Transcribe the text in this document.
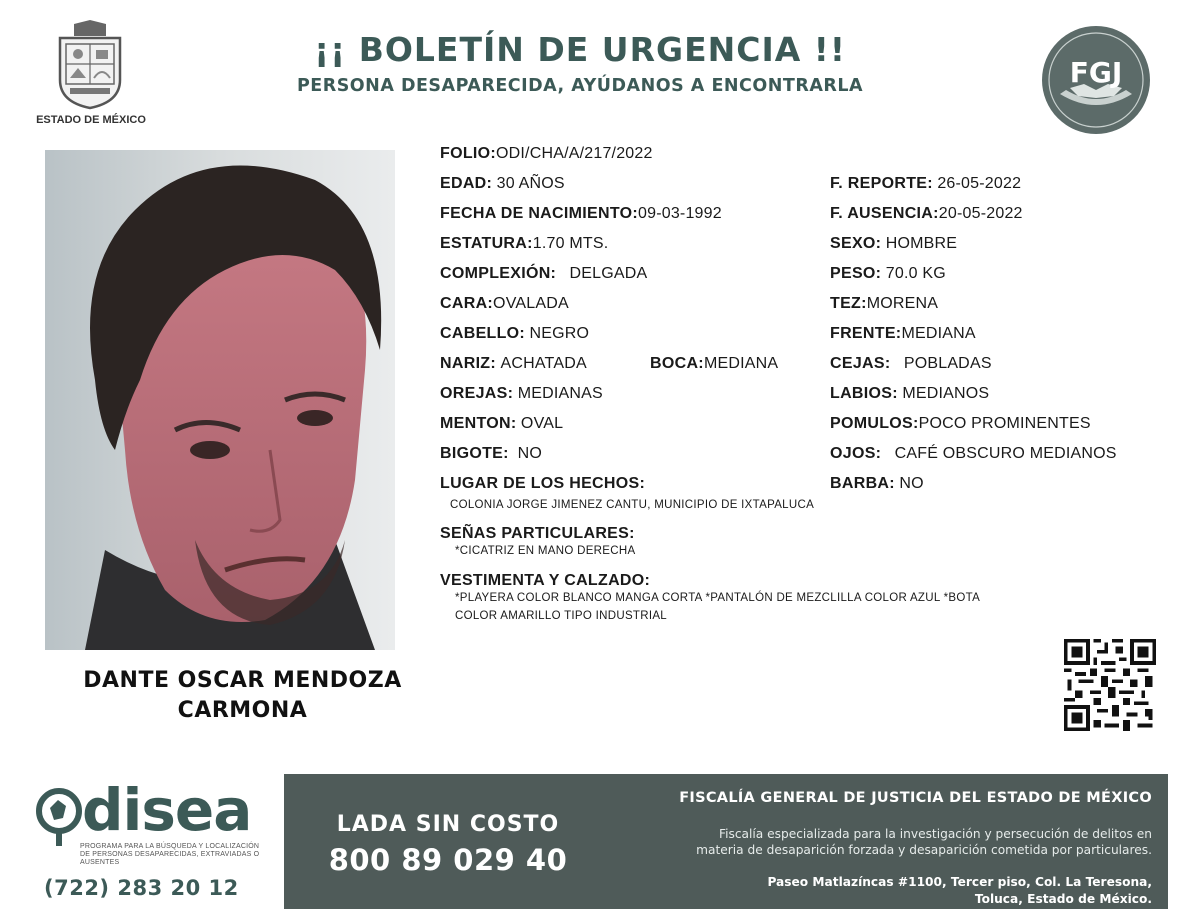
ESTADO DE MÉXICO
¡¡ BOLETÍN DE URGENCIA !!
PERSONA DESAPARECIDA, AYÚDANOS A ENCONTRARLA	FGJ
DANTE OSCAR MENDOZA
CARMONA
FOLIO:ODI/CHA/A/217/2022
EDAD: 30 AÑOS
FECHA DE NACIMIENTO:09-03-1992
ESTATURA:1.70 MTS.
COMPLEXIÓN: DELGADA
CARA:OVALADA
CABELLO: NEGRO
NARIZ: ACHATADA	BOCA:MEDIANA
OREJAS: MEDIANAS
MENTON: OVAL
BIGOTE: NO
LUGAR DE LOS HECHOS:
COLONIA JORGE JIMENEZ CANTU, MUNICIPIO DE IXTAPALUCA
SEÑAS PARTICULARES:
*CICATRIZ EN MANO DERECHA
VESTIMENTA Y CALZADO:
*PLAYERA COLOR BLANCO MANGA CORTA *PANTALÓN DE MEZCLILLA COLOR AZUL *BOTA
COLOR AMARILLO TIPO INDUSTRIAL
F. REPORTE: 26-05-2022
F. AUSENCIA:20-05-2022
SEXO: HOMBRE
PESO: 70.0 KG
TEZ:MORENA
FRENTE:MEDIANA
CEJAS: POBLADAS
LABIOS: MEDIANOS
POMULOS:POCO PROMINENTES
OJOS: CAFÉ OBSCURO MEDIANOS
BARBA: NO
disea
PROGRAMA PARA LA BÚSQUEDA Y LOCALIZACIÓN DE PERSONAS DESAPARECIDAS, EXTRAVIADAS O AUSENTES
(722) 283 20 12
LADA SIN COSTO
800 89 029 40
FISCALÍA GENERAL DE JUSTICIA DEL ESTADO DE MÉXICO
Fiscalía especializada para la investigación y persecución de delitos en
materia de desaparición forzada y desaparición cometida por particulares.
Paseo Matlazíncas #1100, Tercer piso, Col. La Teresona,
Toluca, Estado de México.
